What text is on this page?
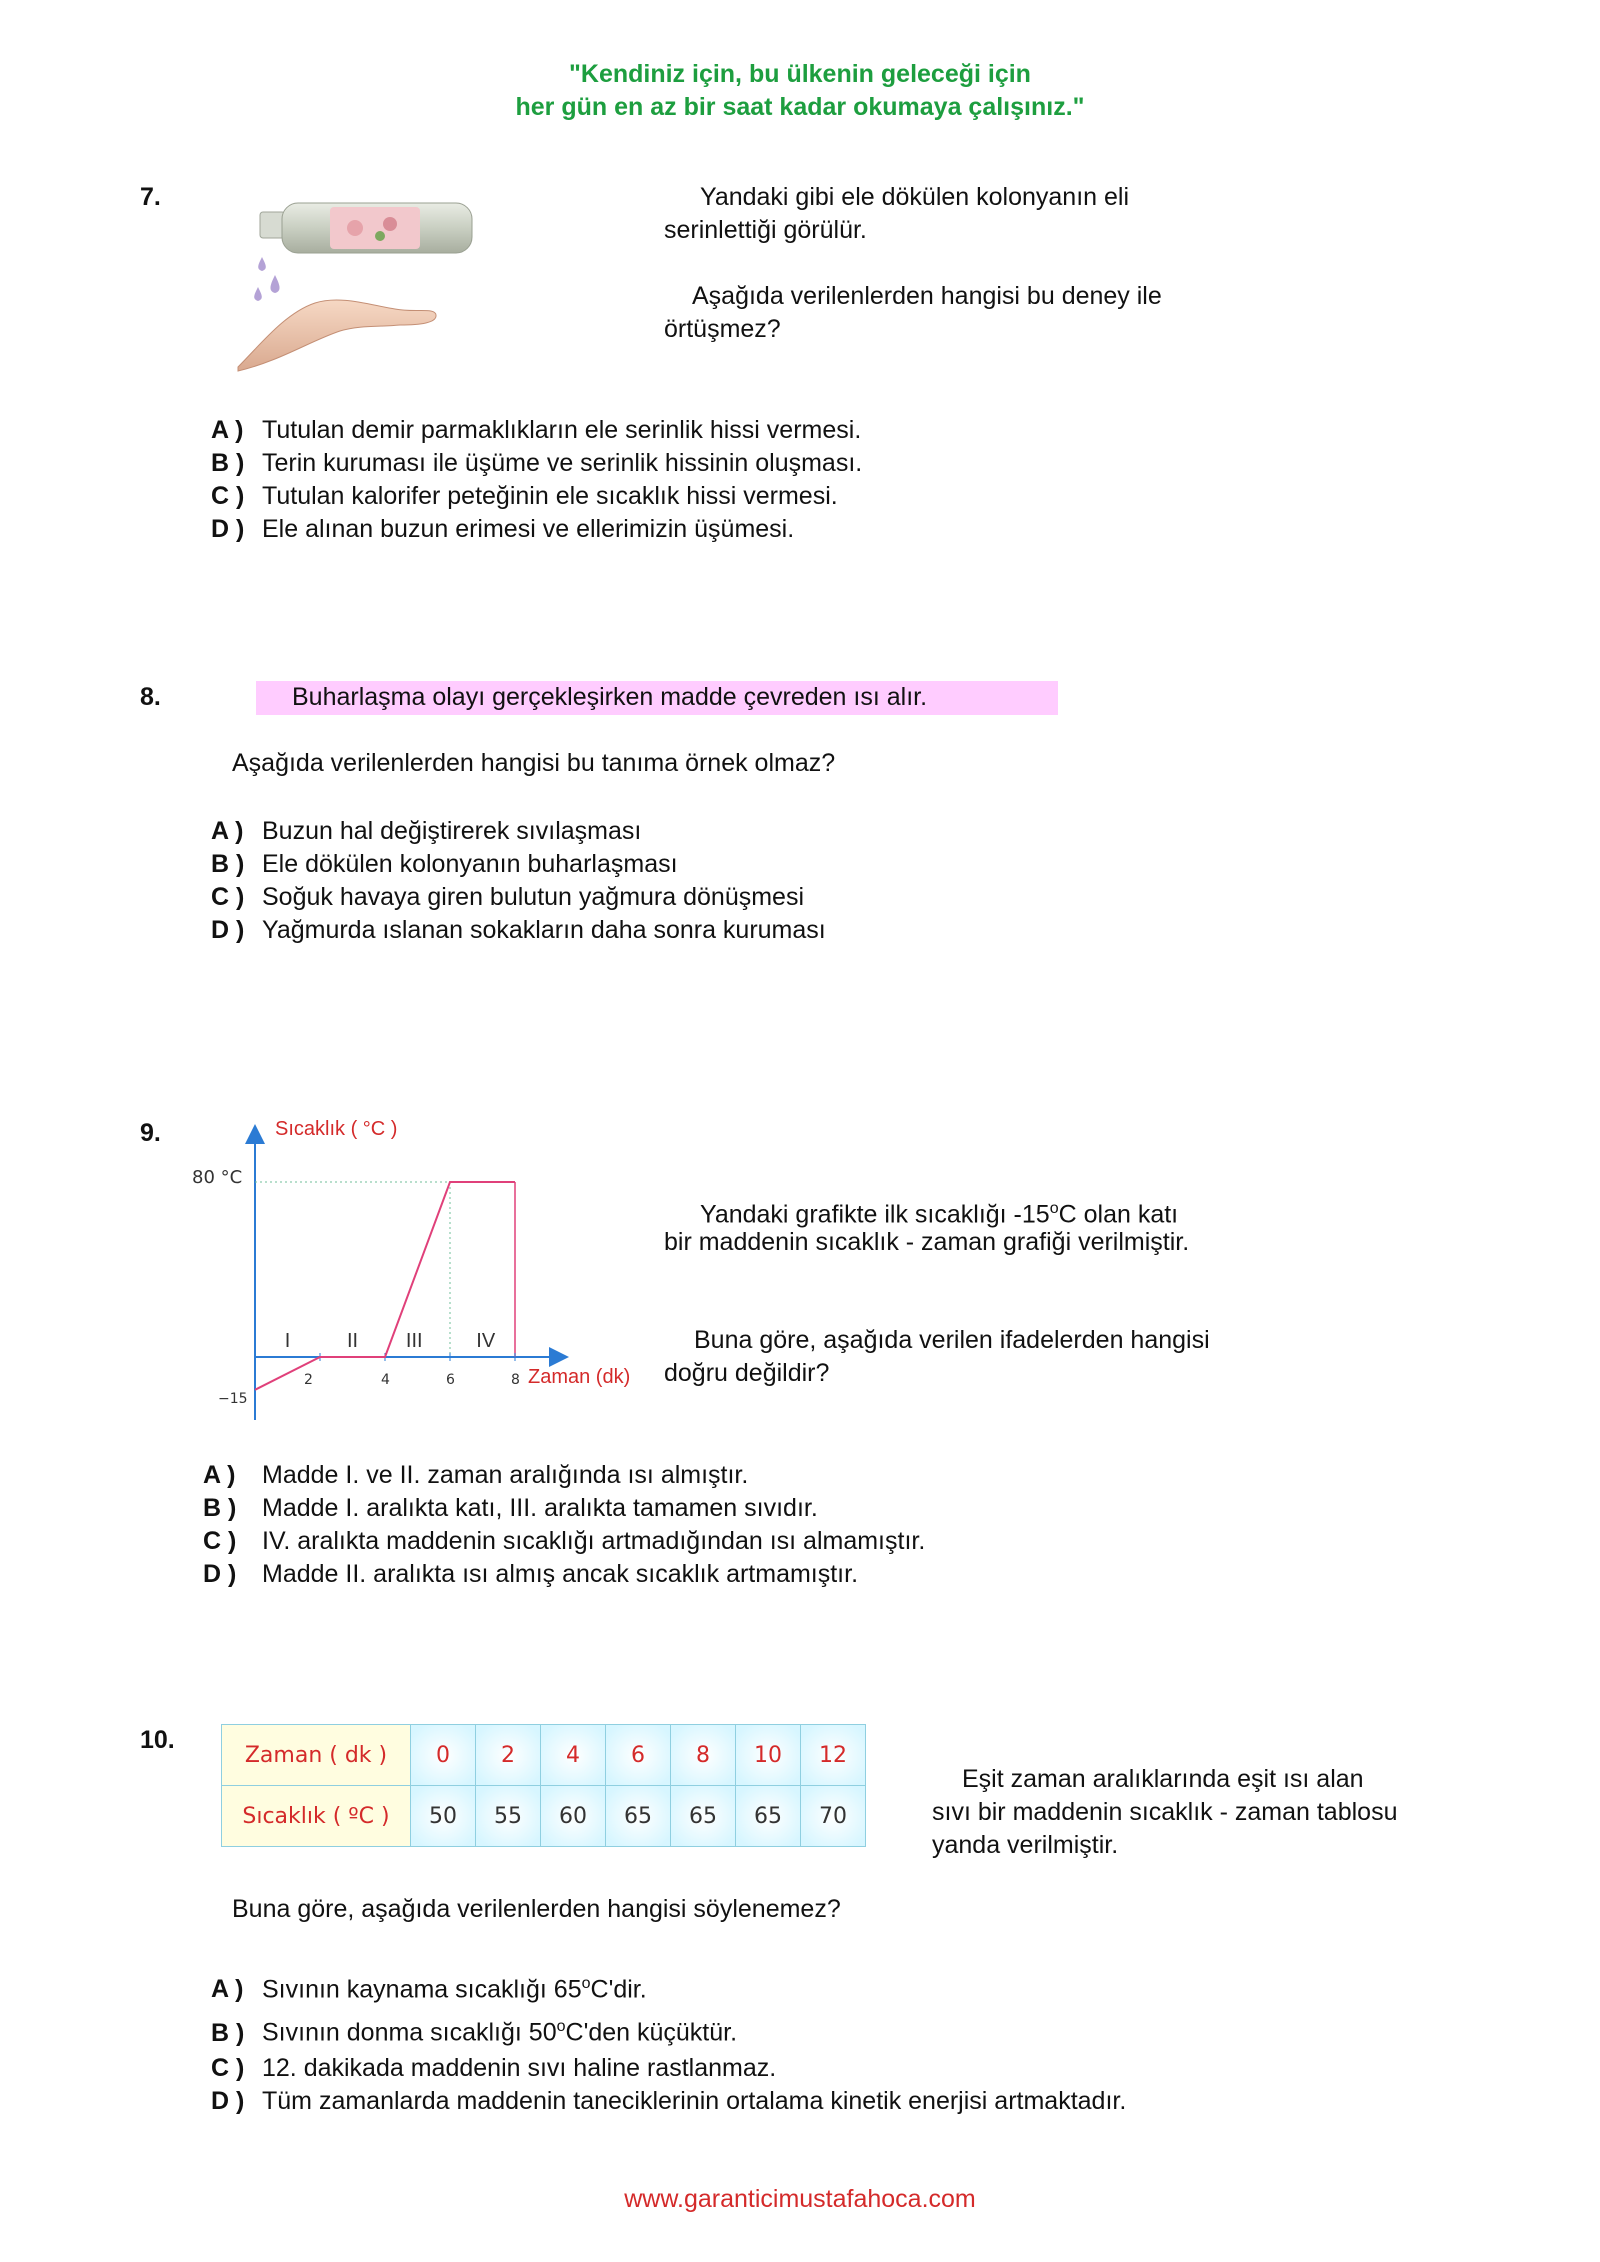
"Kendiniz için, bu ülkenin geleceği için
her gün en az bir saat kadar okumaya çalışınız."
7.	Yandaki gibi ele dökülen kolonyanın eli
serinlettiği görülür.
Aşağıda verilenlerden hangisi bu deney ile
örtüşmez?
A ) Tutulan demir parmaklıkların ele serinlik hissi vermesi.
B ) Terin kuruması ile üşüme ve serinlik hissinin oluşması.
C ) Tutulan kalorifer peteğinin ele sıcaklık hissi vermesi.
D ) Ele alınan buzun erimesi ve ellerimizin üşümesi.
8.	Buharlaşma olayı gerçekleşirken madde çevreden ısı alır.
Aşağıda verilenlerden hangisi bu tanıma örnek olmaz?
A ) Buzun hal değiştirerek sıvılaşması
B ) Ele dökülen kolonyanın buharlaşması
C ) Soğuk havaya giren bulutun yağmura dönüşmesi
D ) Yağmurda ıslanan sokakların daha sonra kuruması
9.	Sıcaklık ( °C )
Zaman (dk)
80 °C
−15
2	4	6	8
I	II III	IV
Yandaki grafikte ilk sıcaklığı -15$^o$C olan katı
bir maddenin sıcaklık - zaman grafiği verilmiştir.
Buna göre, aşağıda verilen ifadelerden hangisi
doğru değildir?
A ) Madde I. ve II. zaman aralığında ısı almıştır.
B ) Madde I. aralıkta katı, III. aralıkta tamamen sıvıdır.
C ) IV. aralıkta maddenin sıcaklığı artmadığından ısı almamıştır.
D ) Madde II. aralıkta ısı almış ancak sıcaklık artmamıştır.
10.
Zaman ( dk )	0	2	4	6	8	10	12
Sıcaklık ( ºC )	50	55	60	65	65	65	70
Eşit zaman aralıklarında eşit ısı alan
sıvı bir maddenin sıcaklık - zaman tablosu
yanda verilmiştir.
Buna göre, aşağıda verilenlerden hangisi söylenemez?
A ) Sıvının kaynama sıcaklığı 65$^o$C'dir.
B ) Sıvının donma sıcaklığı 50$^o$C'den küçüktür.
C ) 12. dakikada maddenin sıvı haline rastlanmaz.
D ) Tüm zamanlarda maddenin taneciklerinin ortalama kinetik enerjisi artmaktadır.
www.garanticimustafahoca.com
